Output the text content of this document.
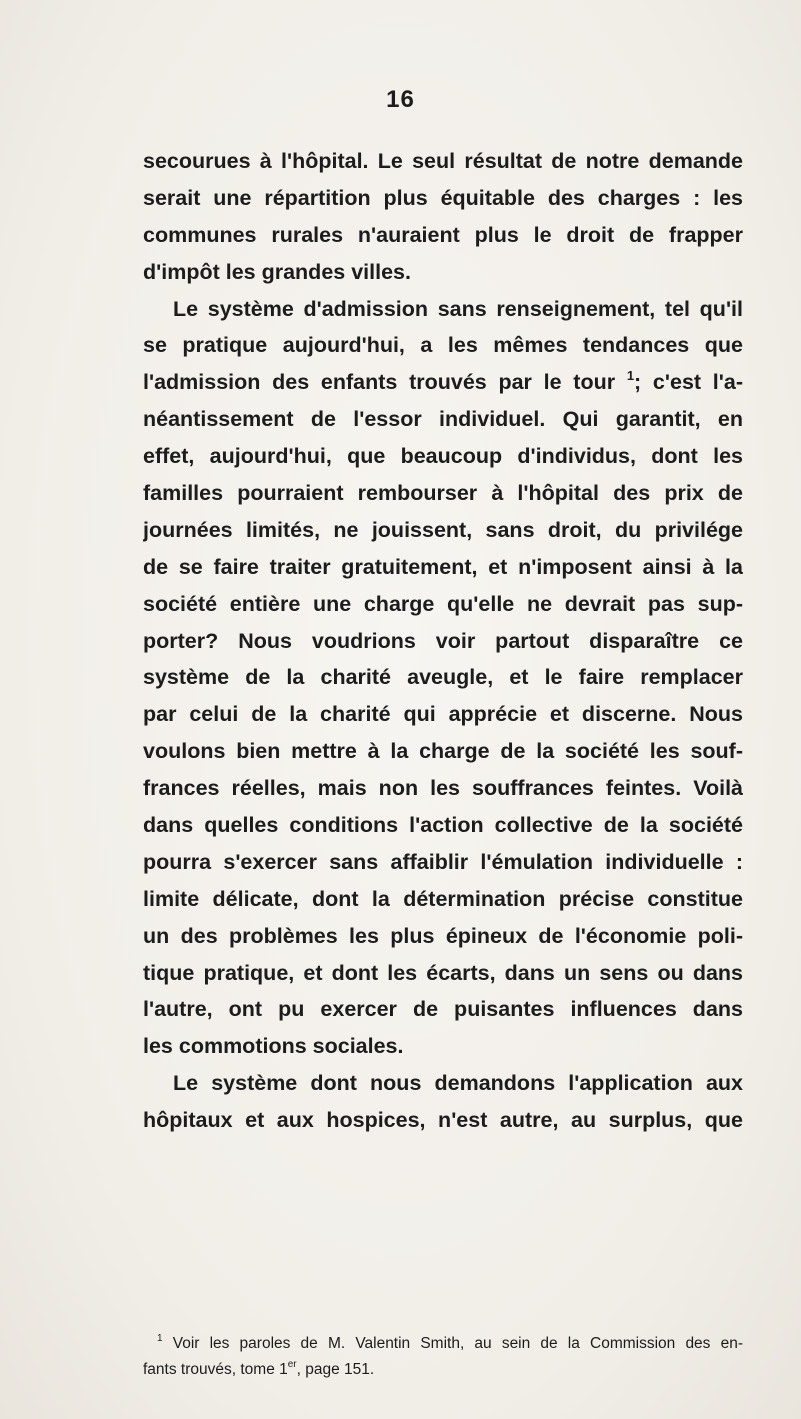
16
secourues à l'hôpital. Le seul résultat de notre demande
serait une répartition plus équitable des charges : les
communes rurales n'auraient plus le droit de frapper
d'impôt les grandes villes.
Le système d'admission sans renseignement, tel qu'il
se pratique aujourd'hui, a les mêmes tendances que
l'admission des enfants trouvés par le tour $^1$; c'est l'a-
néantissement de l'essor individuel. Qui garantit, en
effet, aujourd'hui, que beaucoup d'individus, dont les
familles pourraient rembourser à l'hôpital des prix de
journées limités, ne jouissent, sans droit, du privilége
de se faire traiter gratuitement, et n'imposent ainsi à la
société entière une charge qu'elle ne devrait pas sup-
porter? Nous voudrions voir partout disparaître ce
système de la charité aveugle, et le faire remplacer
par celui de la charité qui apprécie et discerne. Nous
voulons bien mettre à la charge de la société les souf-
frances réelles, mais non les souffrances feintes. Voilà
dans quelles conditions l'action collective de la société
pourra s'exercer sans affaiblir l'émulation individuelle :
limite délicate, dont la détermination précise constitue
un des problèmes les plus épineux de l'économie poli-
tique pratique, et dont les écarts, dans un sens ou dans
l'autre, ont pu exercer de puisantes influences dans
les commotions sociales.
Le système dont nous demandons l'application aux
hôpitaux et aux hospices, n'est autre, au surplus, que
$^1$ Voir les paroles de M. Valentin Smith, au sein de la Commission des en-
fants trouvés, tome 1er, page 151.
